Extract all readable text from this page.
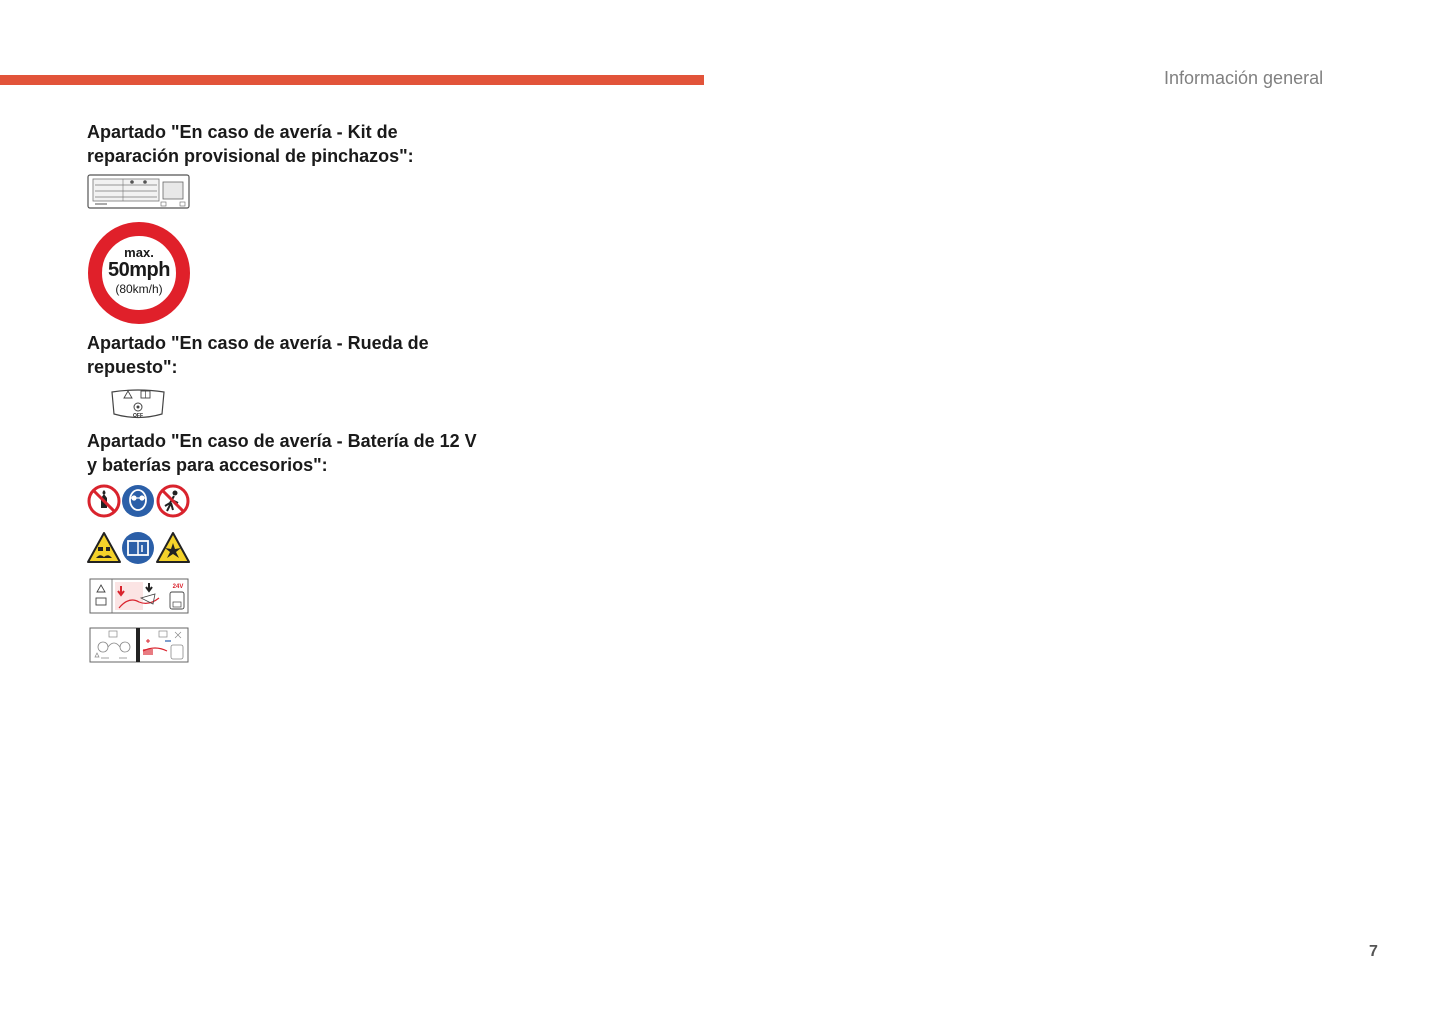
Información general
Apartado "En caso de avería - Kit de
reparación provisional de pinchazos":
max.
50mph
(80km/h)
Apartado "En caso de avería - Rueda de
repuesto":
OFF
Apartado "En caso de avería - Batería de 12 V
y baterías para accesorios":
24V
7
